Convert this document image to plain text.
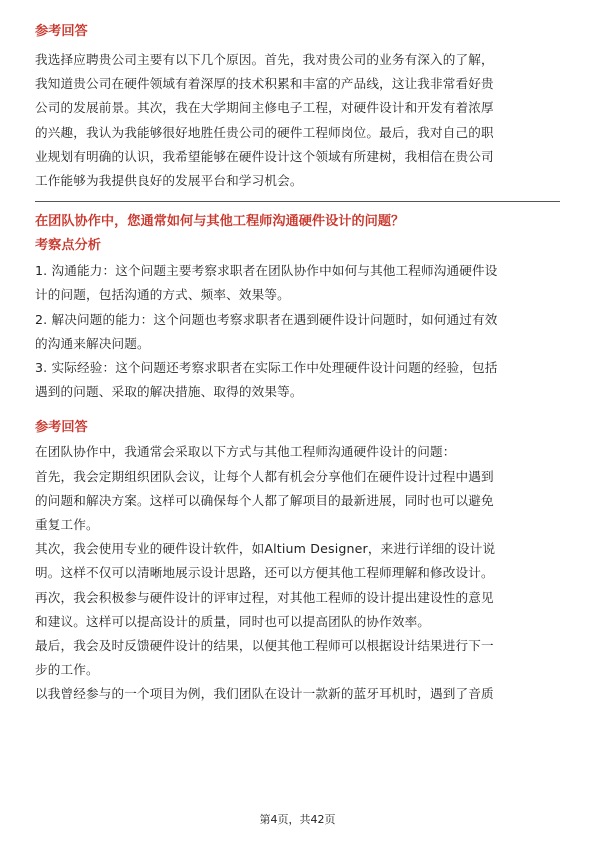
参考回答

我选择应聘贵公司主要有以下几个原因。首先，我对贵公司的业务有深入的了解，

我知道贵公司在硬件领域有着深厚的技术积累和丰富的产品线，这让我非常看好贵

公司的发展前景。其次，我在大学期间主修电子工程，对硬件设计和开发有着浓厚

的兴趣，我认为我能够很好地胜任贵公司的硬件工程师岗位。最后，我对自己的职

业规划有明确的认识，我希望能够在硬件设计这个领域有所建树，我相信在贵公司

工作能够为我提供良好的发展平台和学习机会。

在团队协作中，您通常如何与其他工程师沟通硬件设计的问题？

考察点分析

1. 沟通能力：这个问题主要考察求职者在团队协作中如何与其他工程师沟通硬件设

计的问题，包括沟通的方式、频率、效果等。

2. 解决问题的能力：这个问题也考察求职者在遇到硬件设计问题时，如何通过有效

的沟通来解决问题。

3. 实际经验：这个问题还考察求职者在实际工作中处理硬件设计问题的经验，包括

遇到的问题、采取的解决措施、取得的效果等。

参考回答

在团队协作中，我通常会采取以下方式与其他工程师沟通硬件设计的问题：

首先，我会定期组织团队会议，让每个人都有机会分享他们在硬件设计过程中遇到

的问题和解决方案。这样可以确保每个人都了解项目的最新进展，同时也可以避免

重复工作。

其次，我会使用专业的硬件设计软件，如Altium Designer，来进行详细的设计说

明。这样不仅可以清晰地展示设计思路，还可以方便其他工程师理解和修改设计。

再次，我会积极参与硬件设计的评审过程，对其他工程师的设计提出建设性的意见

和建议。这样可以提高设计的质量，同时也可以提高团队的协作效率。

最后，我会及时反馈硬件设计的结果，以便其他工程师可以根据设计结果进行下一

步的工作。

以我曾经参与的一个项目为例，我们团队在设计一款新的蓝牙耳机时，遇到了音质

第4页，共42页
